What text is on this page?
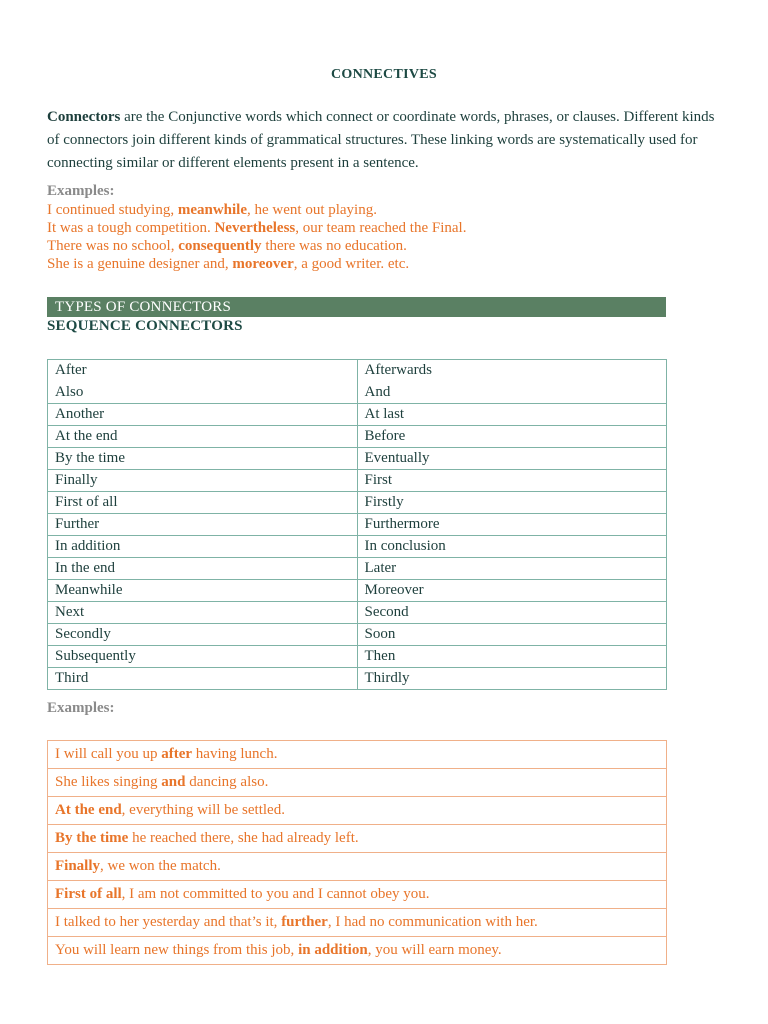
CONNECTIVES
Connectors are the Conjunctive words which connect or coordinate words, phrases, or clauses. Different kinds of connectors join different kinds of grammatical structures. These linking words are systematically used for connecting similar or different elements present in a sentence.
Examples:
I continued studying, meanwhile, he went out playing.
It was a tough competition. Nevertheless, our team reached the Final.
There was no school, consequently there was no education.
She is a genuine designer and, moreover, a good writer. etc.
TYPES OF CONNECTORS
SEQUENCE CONNECTORS
After	Afterwards
Also	And
Another	At last
At the end	Before
By the time	Eventually
Finally	First
First of all	Firstly
Further	Furthermore
In addition	In conclusion
In the end	Later
Meanwhile	Moreover
Next	Second
Secondly	Soon
Subsequently	Then
Third	Thirdly
Examples:
I will call you up after having lunch.
She likes singing and dancing also.
At the end, everything will be settled.
By the time he reached there, she had already left.
Finally, we won the match.
First of all, I am not committed to you and I cannot obey you.
I talked to her yesterday and that’s it, further, I had no communication with her.
You will learn new things from this job, in addition, you will earn money.
